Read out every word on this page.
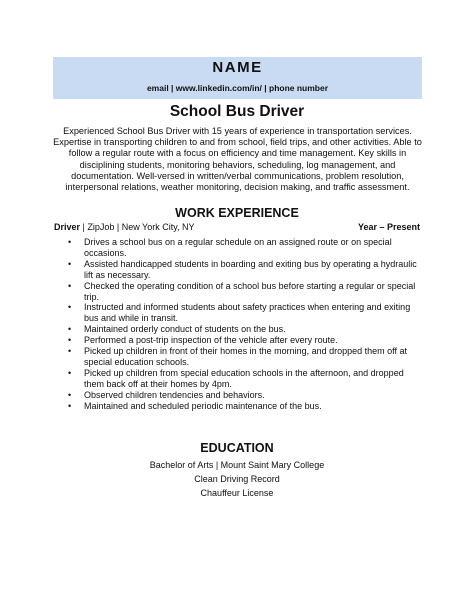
NAME
email | www.linkedin.com/in/ | phone number
School Bus Driver
Experienced School Bus Driver with 15 years of experience in transportation services. Expertise in transporting children to and from school, field trips, and other activities. Able to follow a regular route with a focus on efficiency and time management. Key skills in disciplining students, monitoring behaviors, scheduling, log management, and documentation. Well-versed in written/verbal communications, problem resolution, interpersonal relations, weather monitoring, decision making, and traffic assessment.
WORK EXPERIENCE
Driver | ZipJob | New York City, NY	Year – Present
• Drives a school bus on a regular schedule on an assigned route or on special occasions.
• Assisted handicapped students in boarding and exiting bus by operating a hydraulic lift as necessary.
• Checked the operating condition of a school bus before starting a regular or special trip.
• Instructed and informed students about safety practices when entering and exiting bus and while in transit.
• Maintained orderly conduct of students on the bus.
• Performed a post-trip inspection of the vehicle after every route.
• Picked up children in front of their homes in the morning, and dropped them off at special education schools.
• Picked up children from special education schools in the afternoon, and dropped them back off at their homes by 4pm.
• Observed children tendencies and behaviors.
• Maintained and scheduled periodic maintenance of the bus.
EDUCATION
Bachelor of Arts | Mount Saint Mary College
Clean Driving Record
Chauffeur License
